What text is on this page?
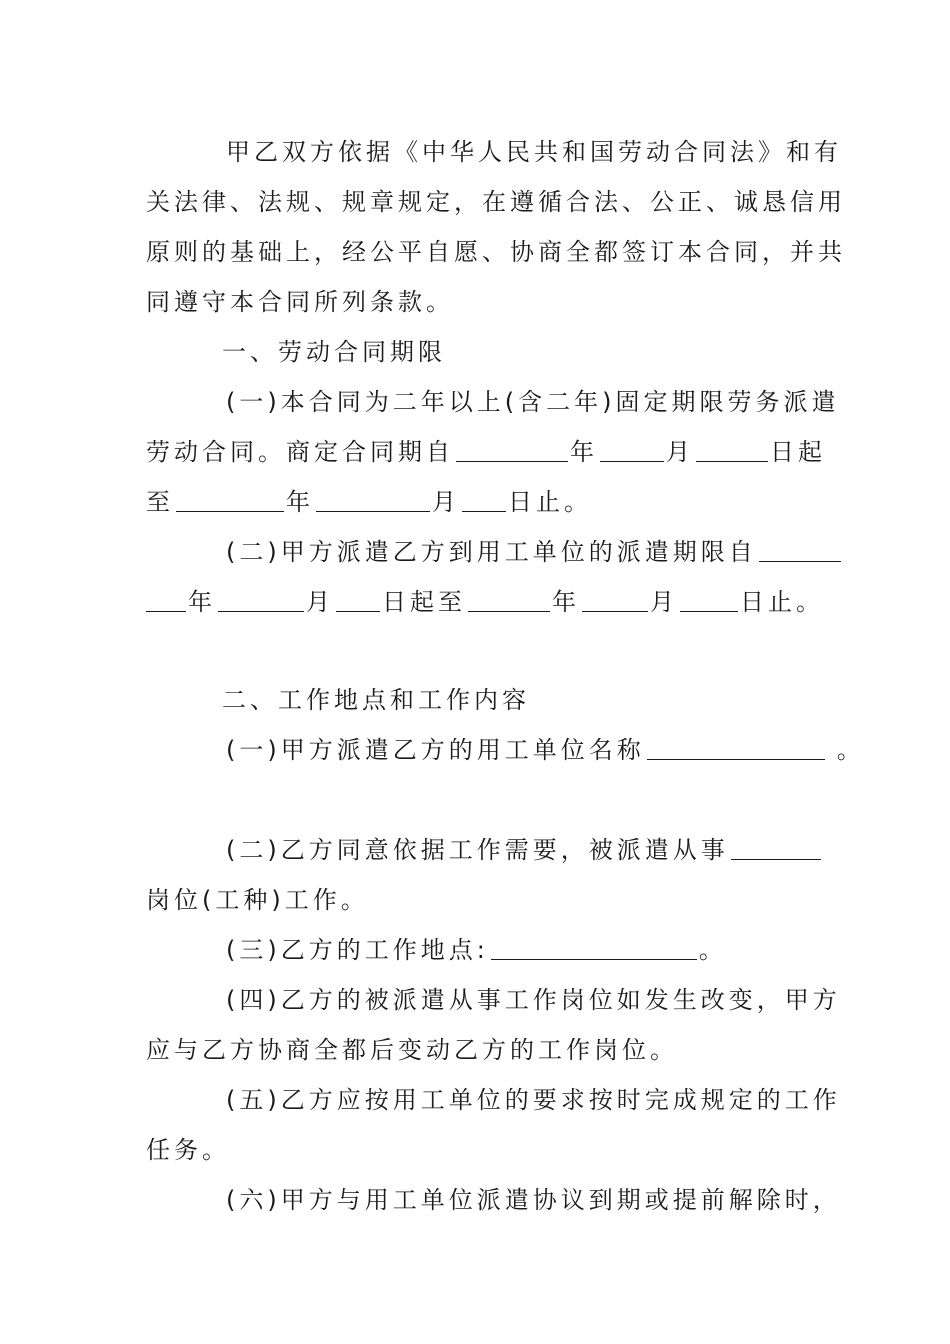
甲乙双方依据《中华人民共和国劳动合同法》和有
关法律、法规、规章规定，在遵循合法、公正、诚恳信用
原则的基础上，经公平自愿、协商全都签订本合同，并共
同遵守本合同所列条款。
一、劳动合同期限
(一)本合同为二年以上(含二年)固定期限劳务派遣
劳动合同。商定合同期自	年	月	日起
至	年	月 日止。
(二)甲方派遣乙方到用工单位的派遣期限自
年	月 日起至	年	月	日止。
二、工作地点和工作内容
(一)甲方派遣乙方的用工单位名称	。
(二)乙方同意依据工作需要，被派遣从事
岗位(工种)工作。
(三)乙方的工作地点:	。
(四)乙方的被派遣从事工作岗位如发生改变，甲方
应与乙方协商全都后变动乙方的工作岗位。
(五)乙方应按用工单位的要求按时完成规定的工作
任务。
(六)甲方与用工单位派遣协议到期或提前解除时，
